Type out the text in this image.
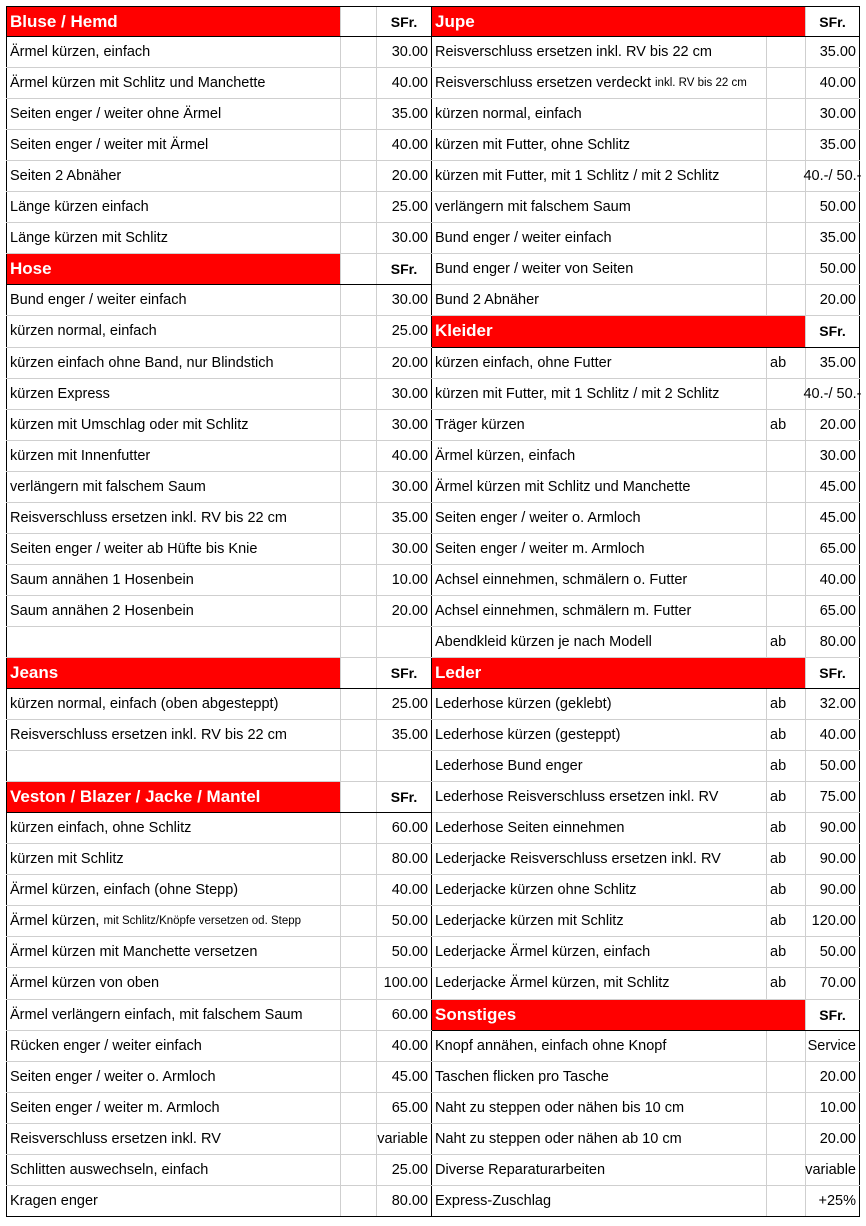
Bluse / Hemd	SFr.
Ärmel kürzen, einfach	30.00
Ärmel kürzen mit Schlitz und Manchette	40.00
Seiten enger / weiter ohne Ärmel	35.00
Seiten enger / weiter mit Ärmel	40.00
Seiten 2 Abnäher	20.00
Länge kürzen einfach	25.00
Länge kürzen mit Schlitz	30.00
Hose	SFr.
Bund enger / weiter einfach	30.00
kürzen normal, einfach	25.00
kürzen einfach ohne Band, nur Blindstich	20.00
kürzen Express	30.00
kürzen mit Umschlag oder mit Schlitz	30.00
kürzen mit Innenfutter	40.00
verlängern mit falschem Saum	30.00
Reisverschluss ersetzen inkl. RV bis 22 cm	35.00
Seiten enger / weiter ab Hüfte bis Knie	30.00
Saum annähen 1 Hosenbein	10.00
Saum annähen 2 Hosenbein	20.00
Jeans	SFr.
kürzen normal, einfach (oben abgesteppt)	25.00
Reisverschluss ersetzen inkl. RV bis 22 cm	35.00
Veston / Blazer / Jacke / Mantel	SFr.
kürzen einfach, ohne Schlitz	60.00
kürzen mit Schlitz	80.00
Ärmel kürzen, einfach (ohne Stepp)	40.00
Ärmel kürzen, mit Schlitz/Knöpfe versetzen od. Stepp	50.00
Ärmel kürzen mit Manchette versetzen	50.00
Ärmel kürzen von oben	100.00
Ärmel verlängern einfach, mit falschem Saum	60.00
Rücken enger / weiter einfach	40.00
Seiten enger / weiter o. Armloch	45.00
Seiten enger / weiter m. Armloch	65.00
Reisverschluss ersetzen inkl. RV	variable
Schlitten auswechseln, einfach	25.00
Kragen enger	80.00
Jupe	SFr.
Reisverschluss ersetzen inkl. RV bis 22 cm	35.00
Reisverschluss ersetzen verdeckt inkl. RV bis 22 cm	40.00
kürzen normal, einfach	30.00
kürzen mit Futter, ohne Schlitz	35.00
kürzen mit Futter, mit 1 Schlitz / mit 2 Schlitz	40.-/ 50.-
verlängern mit falschem Saum	50.00
Bund enger / weiter einfach	35.00
Bund enger / weiter von Seiten	50.00
Bund 2 Abnäher	20.00
Kleider	SFr.
kürzen einfach, ohne Futter	ab	35.00
kürzen mit Futter, mit 1 Schlitz / mit 2 Schlitz	40.-/ 50.-
Träger kürzen	ab	20.00
Ärmel kürzen, einfach	30.00
Ärmel kürzen mit Schlitz und Manchette	45.00
Seiten enger / weiter o. Armloch	45.00
Seiten enger / weiter m. Armloch	65.00
Achsel einnehmen, schmälern o. Futter	40.00
Achsel einnehmen, schmälern m. Futter	65.00
Abendkleid kürzen je nach Modell	ab	80.00
Leder	SFr.
Lederhose kürzen (geklebt)	ab	32.00
Lederhose kürzen (gesteppt)	ab	40.00
Lederhose Bund enger	ab	50.00
Lederhose Reisverschluss ersetzen inkl. RV	ab	75.00
Lederhose Seiten einnehmen	ab	90.00
Lederjacke Reisverschluss ersetzen inkl. RV	ab	90.00
Lederjacke kürzen ohne Schlitz	ab	90.00
Lederjacke kürzen mit Schlitz	ab	120.00
Lederjacke Ärmel kürzen, einfach	ab	50.00
Lederjacke Ärmel kürzen, mit Schlitz	ab	70.00
Sonstiges	SFr.
Knopf annähen, einfach ohne Knopf	Service
Taschen flicken pro Tasche	20.00
Naht zu steppen oder nähen bis 10 cm	10.00
Naht zu steppen oder nähen ab 10 cm	20.00
Diverse Reparaturarbeiten	variable
Express-Zuschlag	+25%
